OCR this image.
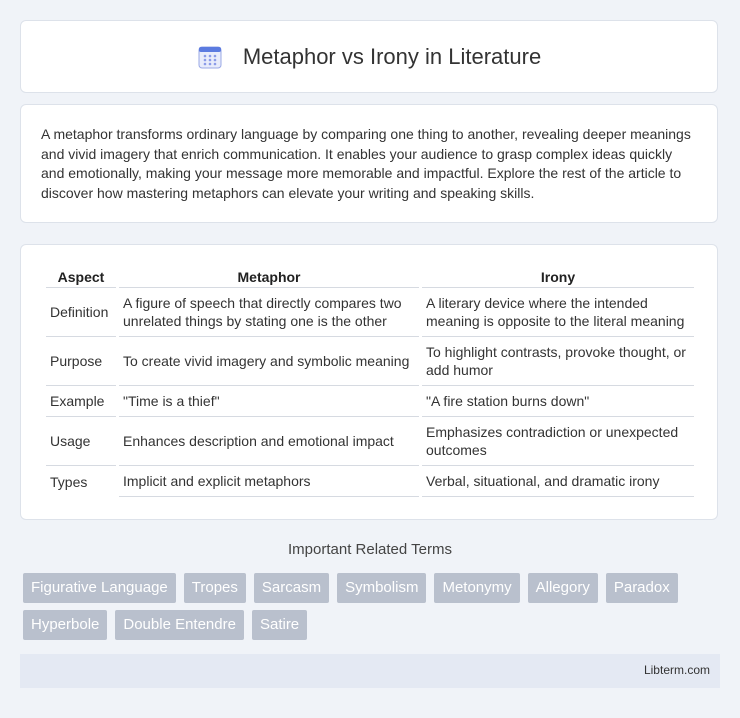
Metaphor vs Irony in Literature

A metaphor transforms ordinary language by comparing one thing to another, revealing deeper meanings and vivid imagery that enrich communication. It enables your audience to grasp complex ideas quickly and emotionally, making your message more memorable and impactful. Explore the rest of the article to discover how mastering metaphors can elevate your writing and speaking skills.

Aspect	Metaphor	Irony
Definition	A figure of speech that directly compares two unrelated things by stating one is the other	A literary device where the intended meaning is opposite to the literal meaning
Purpose	To create vivid imagery and symbolic meaning	To highlight contrasts, provoke thought, or add humor
Example	"Time is a thief"	"A fire station burns down"
Usage	Enhances description and emotional impact	Emphasizes contradiction or unexpected outcomes
Types	Implicit and explicit metaphors	Verbal, situational, and dramatic irony
Important Related Terms
Figurative Language	Tropes	Sarcasm	Symbolism	Metonymy	Allegory	Paradox
Hyperbole	Double Entendre	Satire
Libterm.com
